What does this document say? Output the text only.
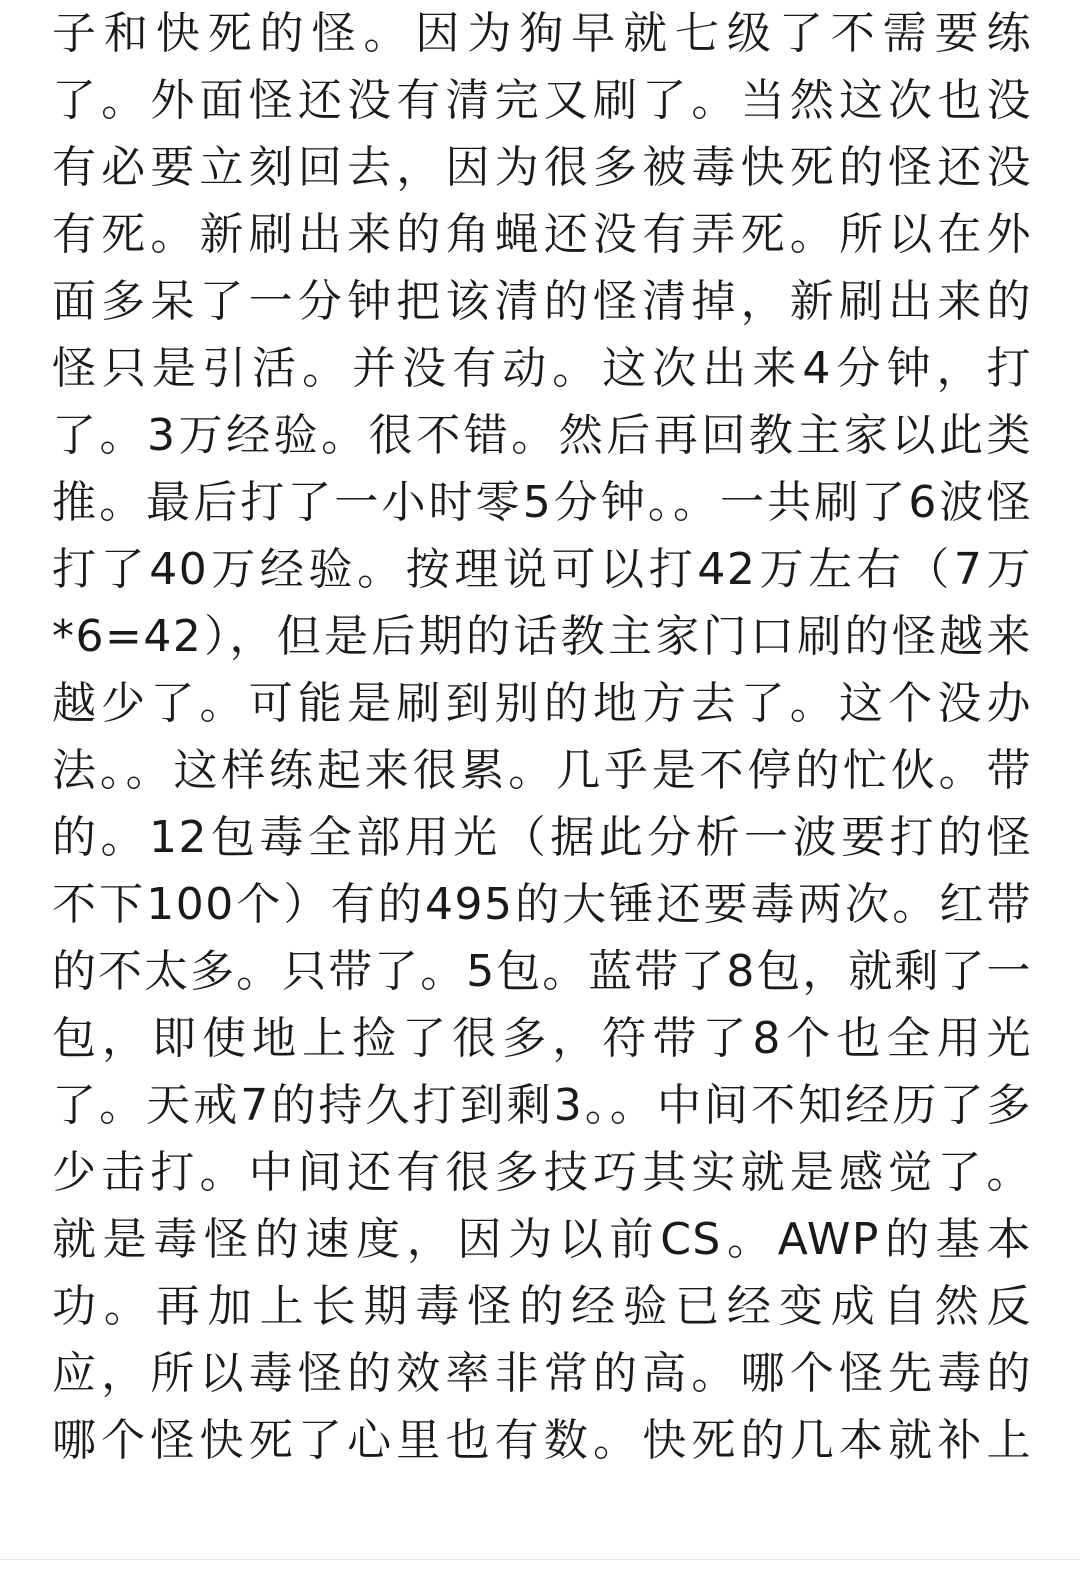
子和快死的怪。因为狗早就七级了不需要练
了。外面怪还没有清完又刷了。当然这次也没
有必要立刻回去，因为很多被毒快死的怪还没
有死。新刷出来的角蝇还没有弄死。所以在外
面多呆了一分钟把该清的怪清掉，新刷出来的
怪只是引活。并没有动。这次出来4分钟，打
了。3万经验。很不错。然后再回教主家以此类
推。最后打了一小时零5分钟。。一共刷了6波怪
打了40万经验。按理说可以打42万左右（7万
*6=42），但是后期的话教主家门口刷的怪越来
越少了。可能是刷到别的地方去了。这个没办
法。。这样练起来很累。几乎是不停的忙伙。带
的。12包毒全部用光（据此分析一波要打的怪
不下100个）有的495的大锤还要毒两次。红带
的不太多。只带了。5包。蓝带了8包，就剩了一
包，即使地上捡了很多，符带了8个也全用光
了。天戒7的持久打到剩3。。中间不知经历了多
少击打。中间还有很多技巧其实就是感觉了。
就是毒怪的速度，因为以前CS。AWP的基本
功。再加上长期毒怪的经验已经变成自然反
应，所以毒怪的效率非常的高。哪个怪先毒的
哪个怪快死了心里也有数。快死的几本就补上
